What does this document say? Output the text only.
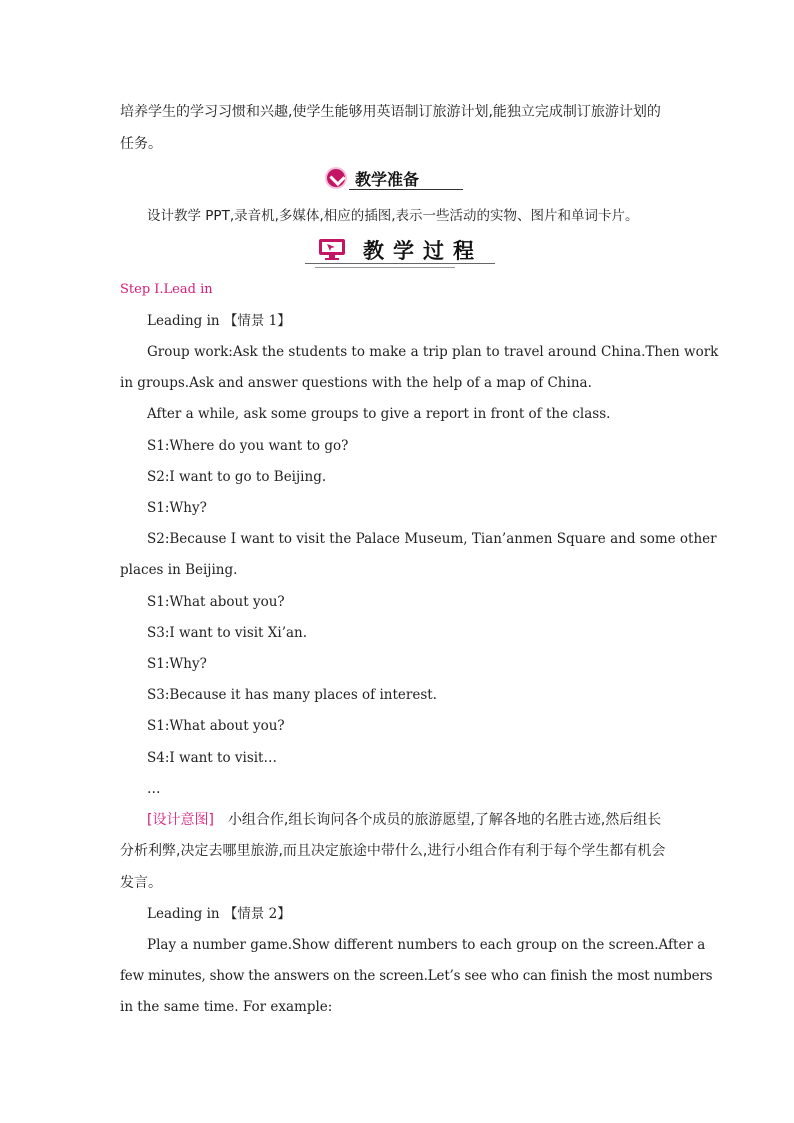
培养学生的学习习惯和兴趣,使学生能够用英语制订旅游计划,能独立完成制订旅游计划的
任务。
教学准备
设计教学 PPT,录音机,多媒体,相应的插图,表示一些活动的实物、图片和单词卡片。
教学过程
Step Ⅰ.Lead in
Leading in 【情景 1】
Group work:Ask the students to make a trip plan to travel around China.Then work
in groups.Ask and answer questions with the help of a map of China.
After a while, ask some groups to give a report in front of the class.
S1:Where do you want to go?
S2:I want to go to Beijing.
S1:Why?
S2:Because I want to visit the Palace Museum, Tian’anmen Square and some other
places in Beijing.
S1:What about you?
S3:I want to visit Xi’an.
S1:Why?
S3:Because it has many places of interest.
S1:What about you?
S4:I want to visit…
…
[设计意图] 小组合作,组长询问各个成员的旅游愿望,了解各地的名胜古迹,然后组长
分析利弊,决定去哪里旅游,而且决定旅途中带什么,进行小组合作有利于每个学生都有机会
发言。
Leading in 【情景 2】
Play a number game.Show different numbers to each group on the screen.After a
few minutes, show the answers on the screen.Let’s see who can finish the most numbers
in the same time. For example:
